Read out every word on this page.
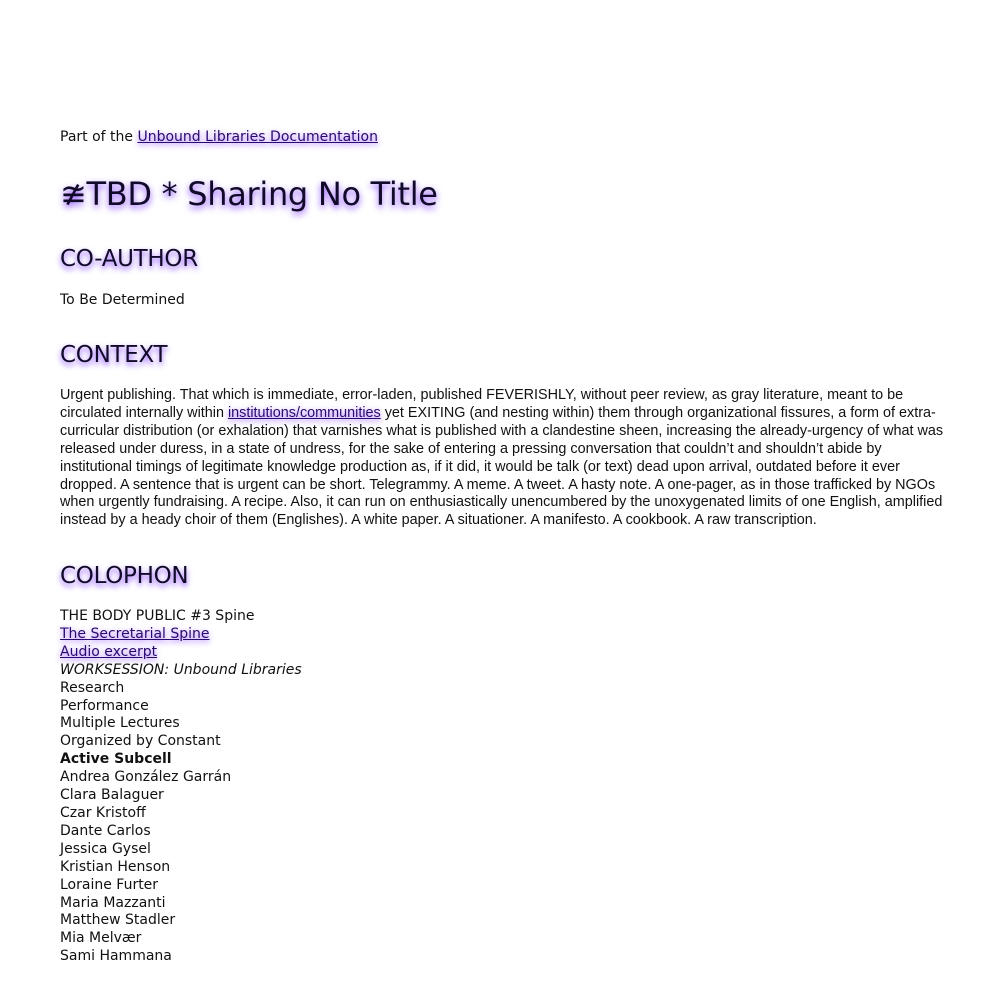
Part of the Unbound Libraries Documentation
≇TBD * Sharing No Title
CO-AUTHOR
To Be Determined
CONTEXT

Urgent publishing. That which is immediate, error-laden, published FEVERISHLY, without peer review, as gray literature, meant to be circulated internally within institutions/communities yet EXITING (and nesting within) them through organizational fissures, a form of extra-curricular distribution (or exhalation) that varnishes what is published with a clandestine sheen, increasing the already-urgency of what was released under duress, in a state of undress, for the sake of entering a pressing conversation that couldn’t and shouldn’t abide by institutional timings of legitimate knowledge production as, if it did, it would be talk (or text) dead upon arrival, outdated before it ever dropped. A sentence that is urgent can be short. Telegrammy. A meme. A tweet. A hasty note. A one-pager, as in those trafficked by NGOs when urgently fundraising. A recipe. Also, it can run on enthusiastically unencumbered by the unoxygenated limits of one English, amplified instead by a heady choir of them (Englishes). A white paper. A situationer. A manifesto. A cookbook. A raw transcription.

COLOPHON
THE BODY PUBLIC #3 Spine
The Secretarial Spine
Audio excerpt
WORKSESSION: Unbound Libraries
Research
Performance
Multiple Lectures
Organized by Constant
Active Subcell
Andrea González Garrán
Clara Balaguer
Czar Kristoff
Dante Carlos
Jessica Gysel
Kristian Henson
Loraine Furter
Maria Mazzanti
Matthew Stadler
Mia Melvær
Sami Hammana
